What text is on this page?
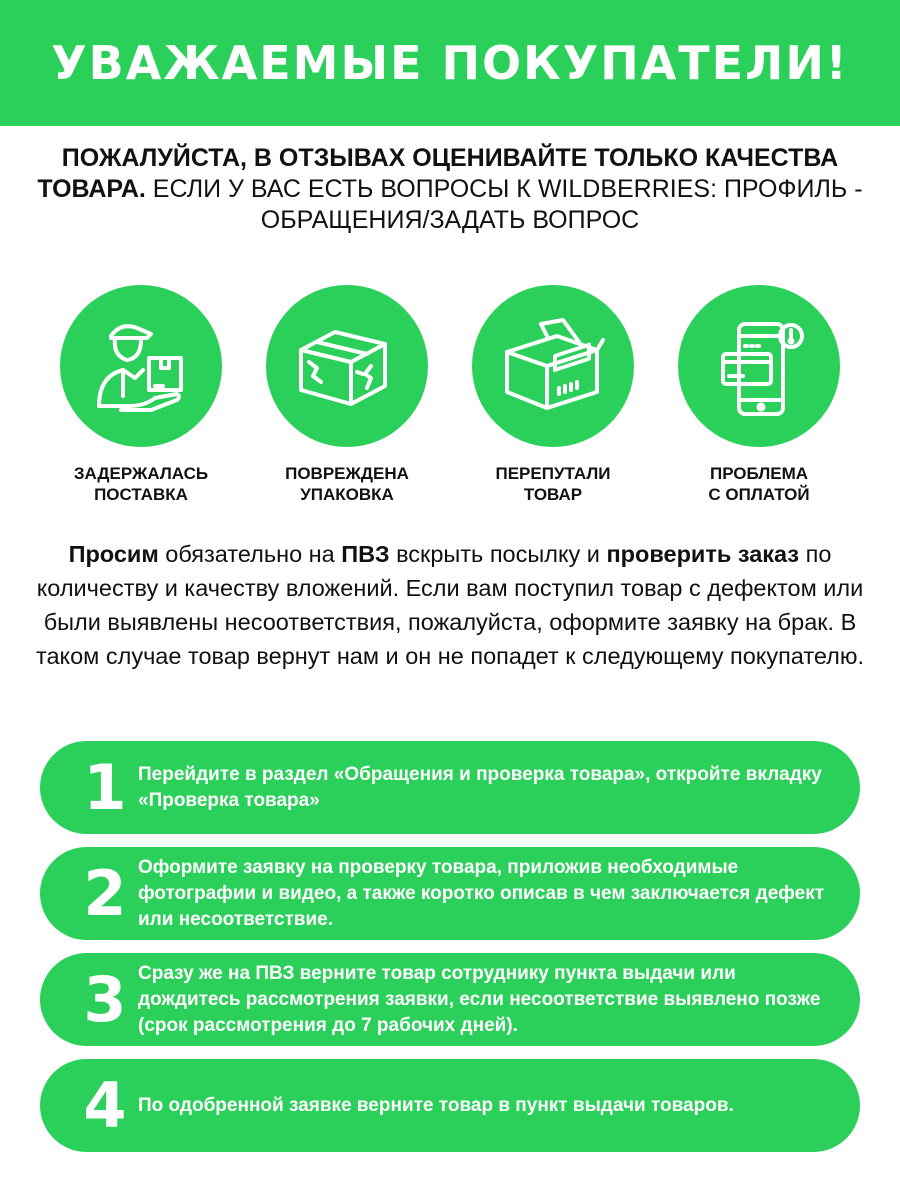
УВАЖАЕМЫЕ ПОКУПАТЕЛИ!
ПОЖАЛУЙСТА, В ОТЗЫВАХ ОЦЕНИВАЙТЕ ТОЛЬКО КАЧЕСТВА ТОВАРА. ЕСЛИ У ВАС ЕСТЬ ВОПРОСЫ К WILDBERRIES: ПРОФИЛЬ - ОБРАЩЕНИЯ/ЗАДАТЬ ВОПРОС
ЗАДЕРЖАЛАСЬ
ПОСТАВКА
ПОВРЕЖДЕНА
УПАКОВКА
ПЕРЕПУТАЛИ
ТОВАР
ПРОБЛЕМА
С ОПЛАТОЙ
Просим обязательно на ПВЗ вскрыть посылку и проверить заказ по количеству и качеству вложений. Если вам поступил товар с дефектом или были выявлены несоответствия, пожалуйста, оформите заявку на брак. В таком случае товар вернут нам и он не попадет к следующему покупателю.
1 Перейдите в раздел «Обращения и проверка товара», откройте вкладку «Проверка товара»
2 Оформите заявку на проверку товара, приложив необходимые фотографии и видео, а также коротко описав в чем заключается дефект или несоответствие.
3 Сразу же на ПВЗ верните товар сотруднику пункта выдачи или дождитесь рассмотрения заявки, если несоответствие выявлено позже (срок рассмотрения до 7 рабочих дней).
4 По одобренной заявке верните товар в пункт выдачи товаров.
